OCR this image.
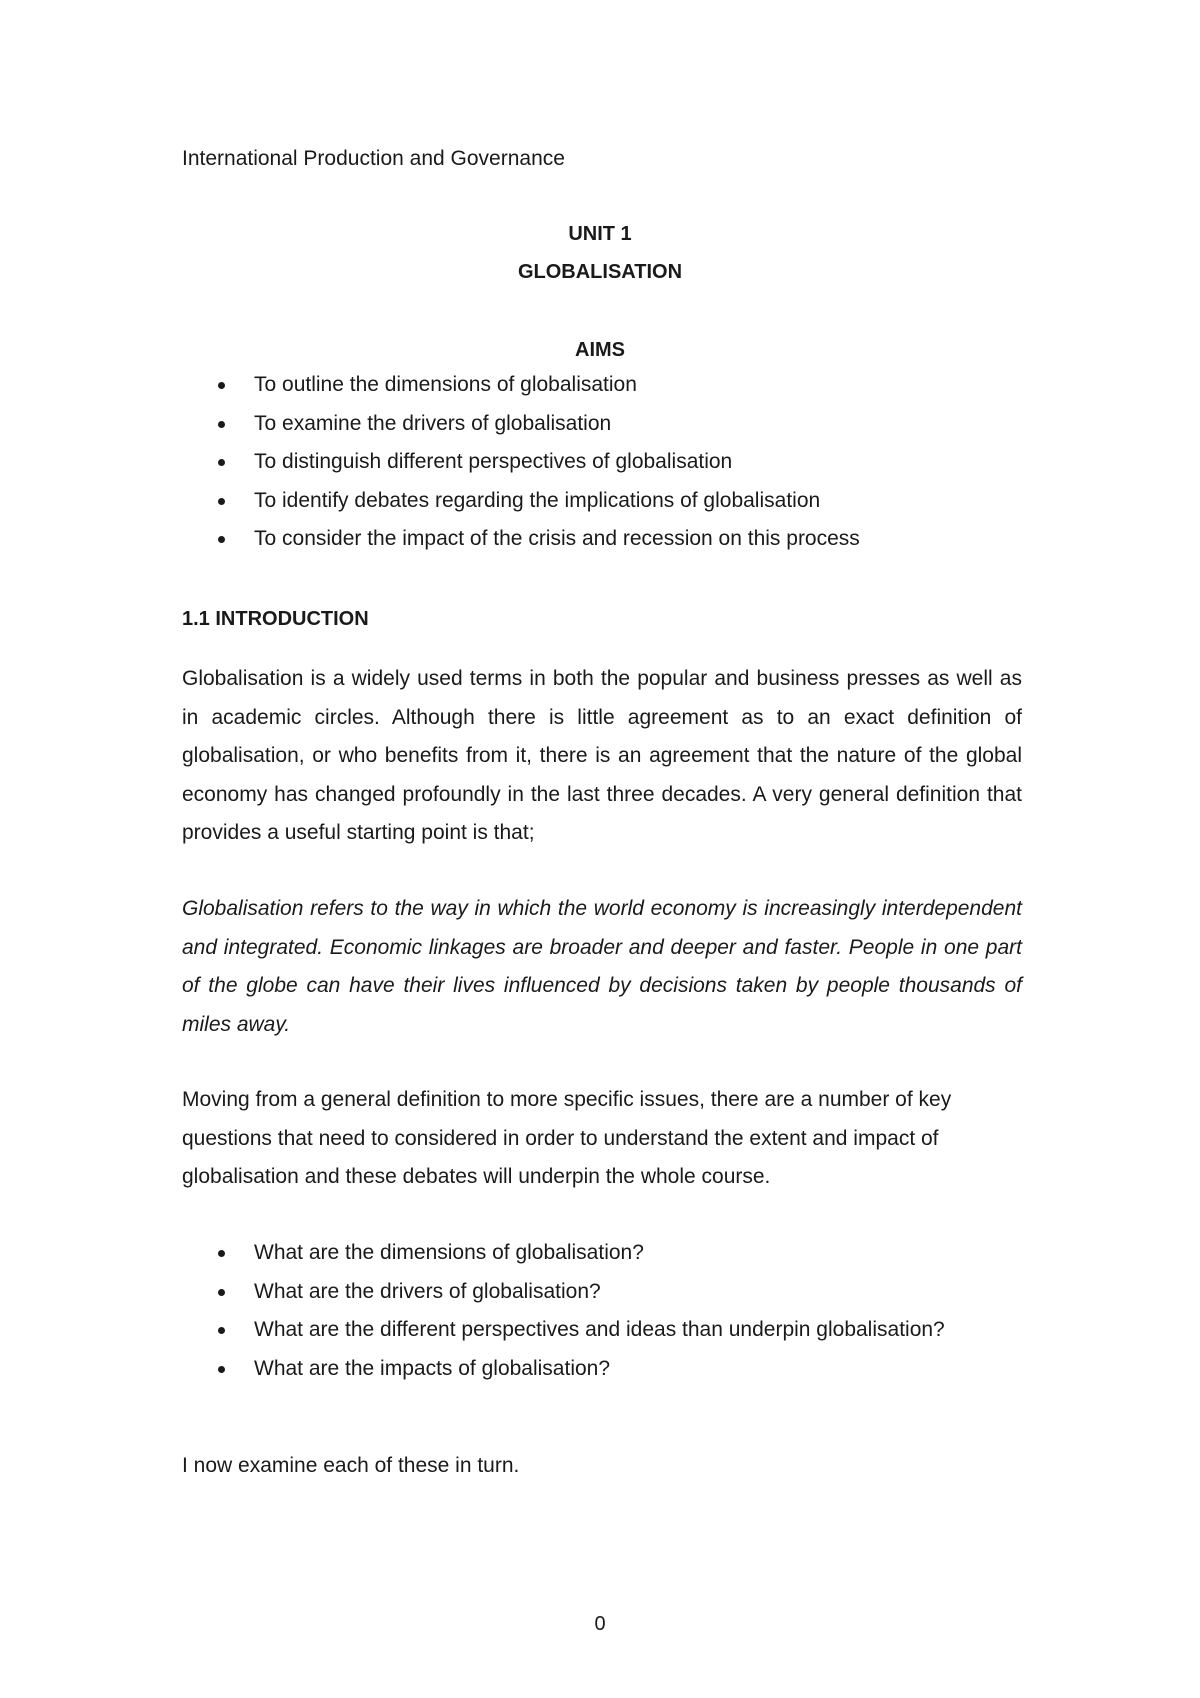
International Production and Governance
UNIT 1
GLOBALISATION
AIMS
To outline the dimensions of globalisation
To examine the drivers of globalisation
To distinguish different perspectives of globalisation
To identify debates regarding the implications of globalisation
To consider the impact of the crisis and recession on this process
1.1 INTRODUCTION

Globalisation is a widely used terms in both the popular and business presses as well as in academic circles. Although there is little agreement as to an exact definition of globalisation, or who benefits from it, there is an agreement that the nature of the global economy has changed profoundly in the last three decades. A very general definition that provides a useful starting point is that;

Globalisation refers to the way in which the world economy is increasingly interdependent and integrated. Economic linkages are broader and deeper and faster. People in one part of the globe can have their lives influenced by decisions taken by people thousands of miles away.

Moving from a general definition to more specific issues, there are a number of key questions that need to considered in order to understand the extent and impact of globalisation and these debates will underpin the whole course.

What are the dimensions of globalisation?
What are the drivers of globalisation?
What are the different perspectives and ideas than underpin globalisation?
What are the impacts of globalisation?

I now examine each of these in turn.

0
